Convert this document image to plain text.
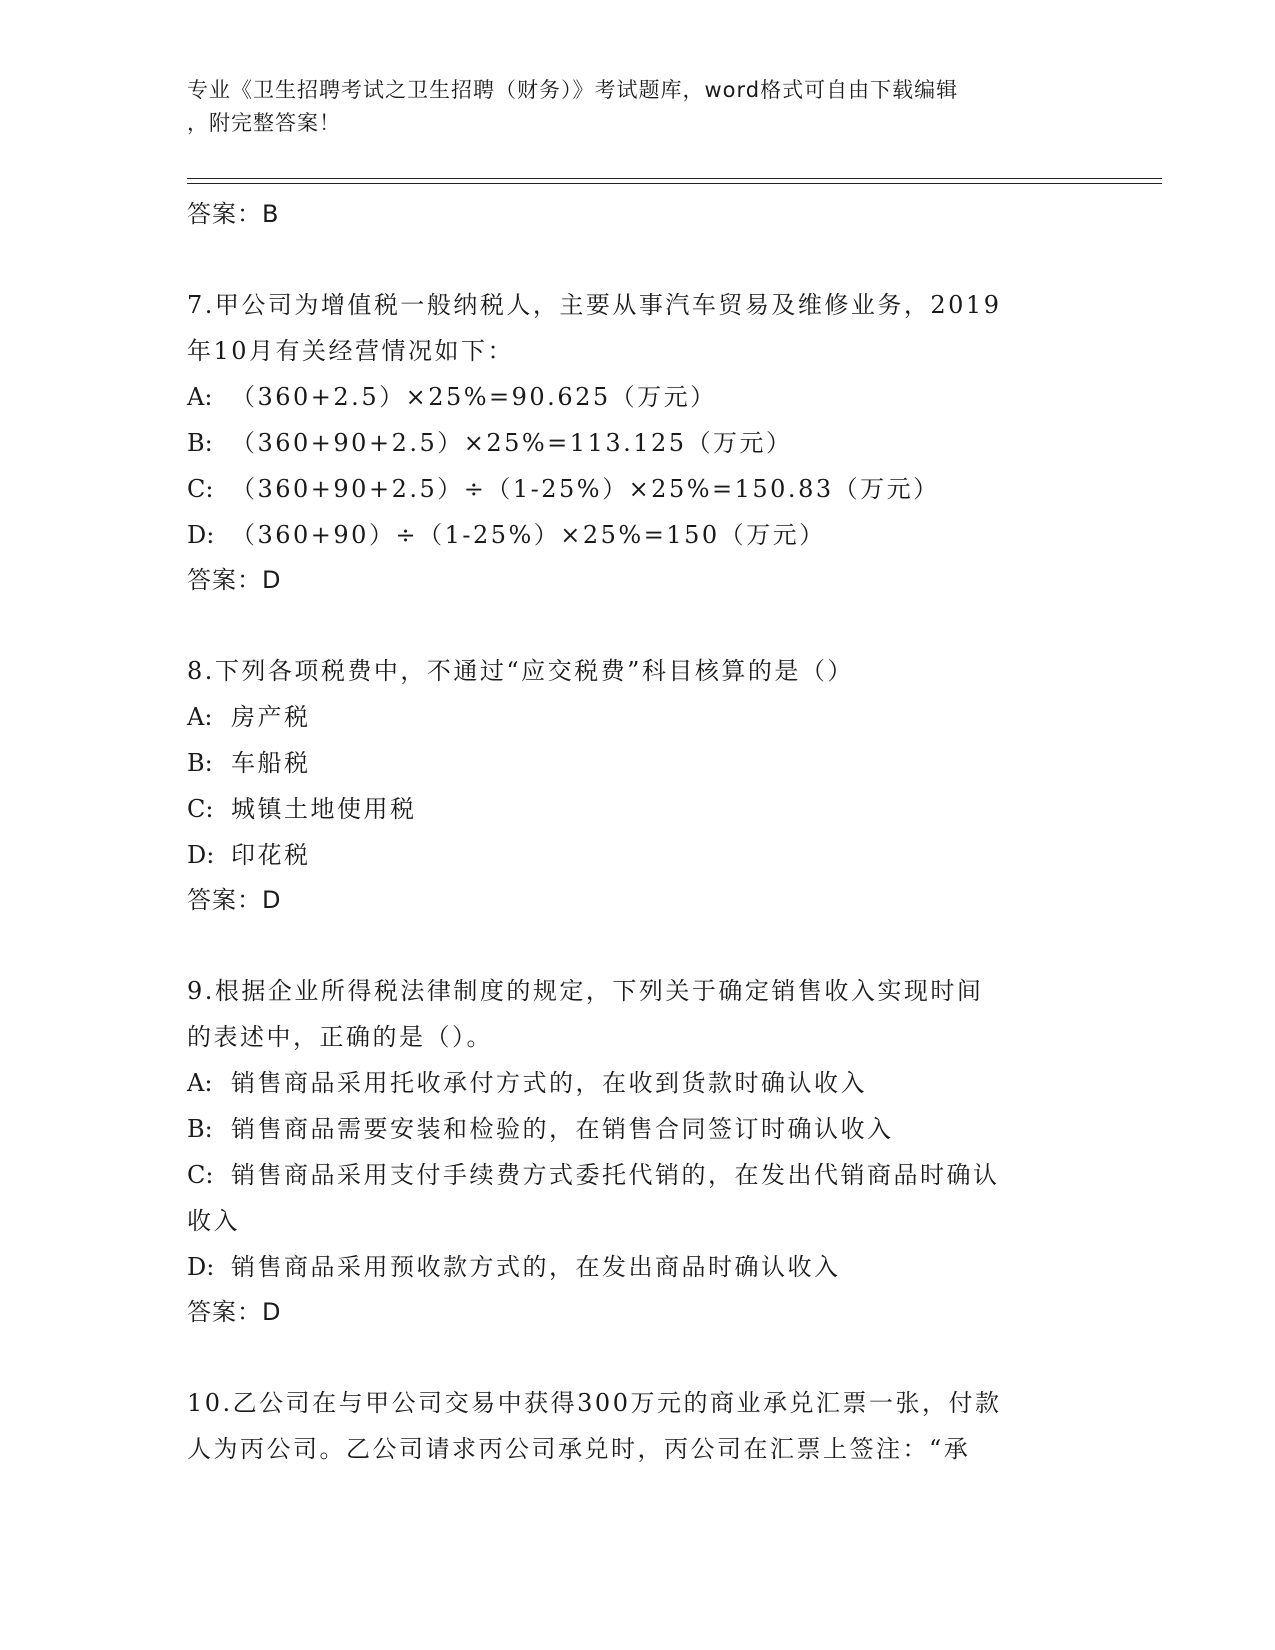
专业《卫生招聘考试之卫生招聘（财务）》考试题库，word格式可自由下载编辑
，附完整答案！
答案：B
7.甲公司为增值税一般纳税人，主要从事汽车贸易及维修业务，2019
年10月有关经营情况如下：
A: （360+2.5）×25%=90.625（万元）
B: （360+90+2.5）×25%=113.125（万元）
C: （360+90+2.5）÷（1-25%）×25%=150.83（万元）
D: （360+90）÷（1-25%）×25%=150（万元）
答案：D
8.下列各项税费中，不通过“应交税费”科目核算的是（）
A: 房产税
B: 车船税
C: 城镇土地使用税
D: 印花税
答案：D
9.根据企业所得税法律制度的规定，下列关于确定销售收入实现时间
的表述中，正确的是（）。
A: 销售商品采用托收承付方式的，在收到货款时确认收入
B: 销售商品需要安装和检验的，在销售合同签订时确认收入
C: 销售商品采用支付手续费方式委托代销的，在发出代销商品时确认
收入
D: 销售商品采用预收款方式的，在发出商品时确认收入
答案：D
10.乙公司在与甲公司交易中获得300万元的商业承兑汇票一张，付款
人为丙公司。乙公司请求丙公司承兑时，丙公司在汇票上签注：“承
